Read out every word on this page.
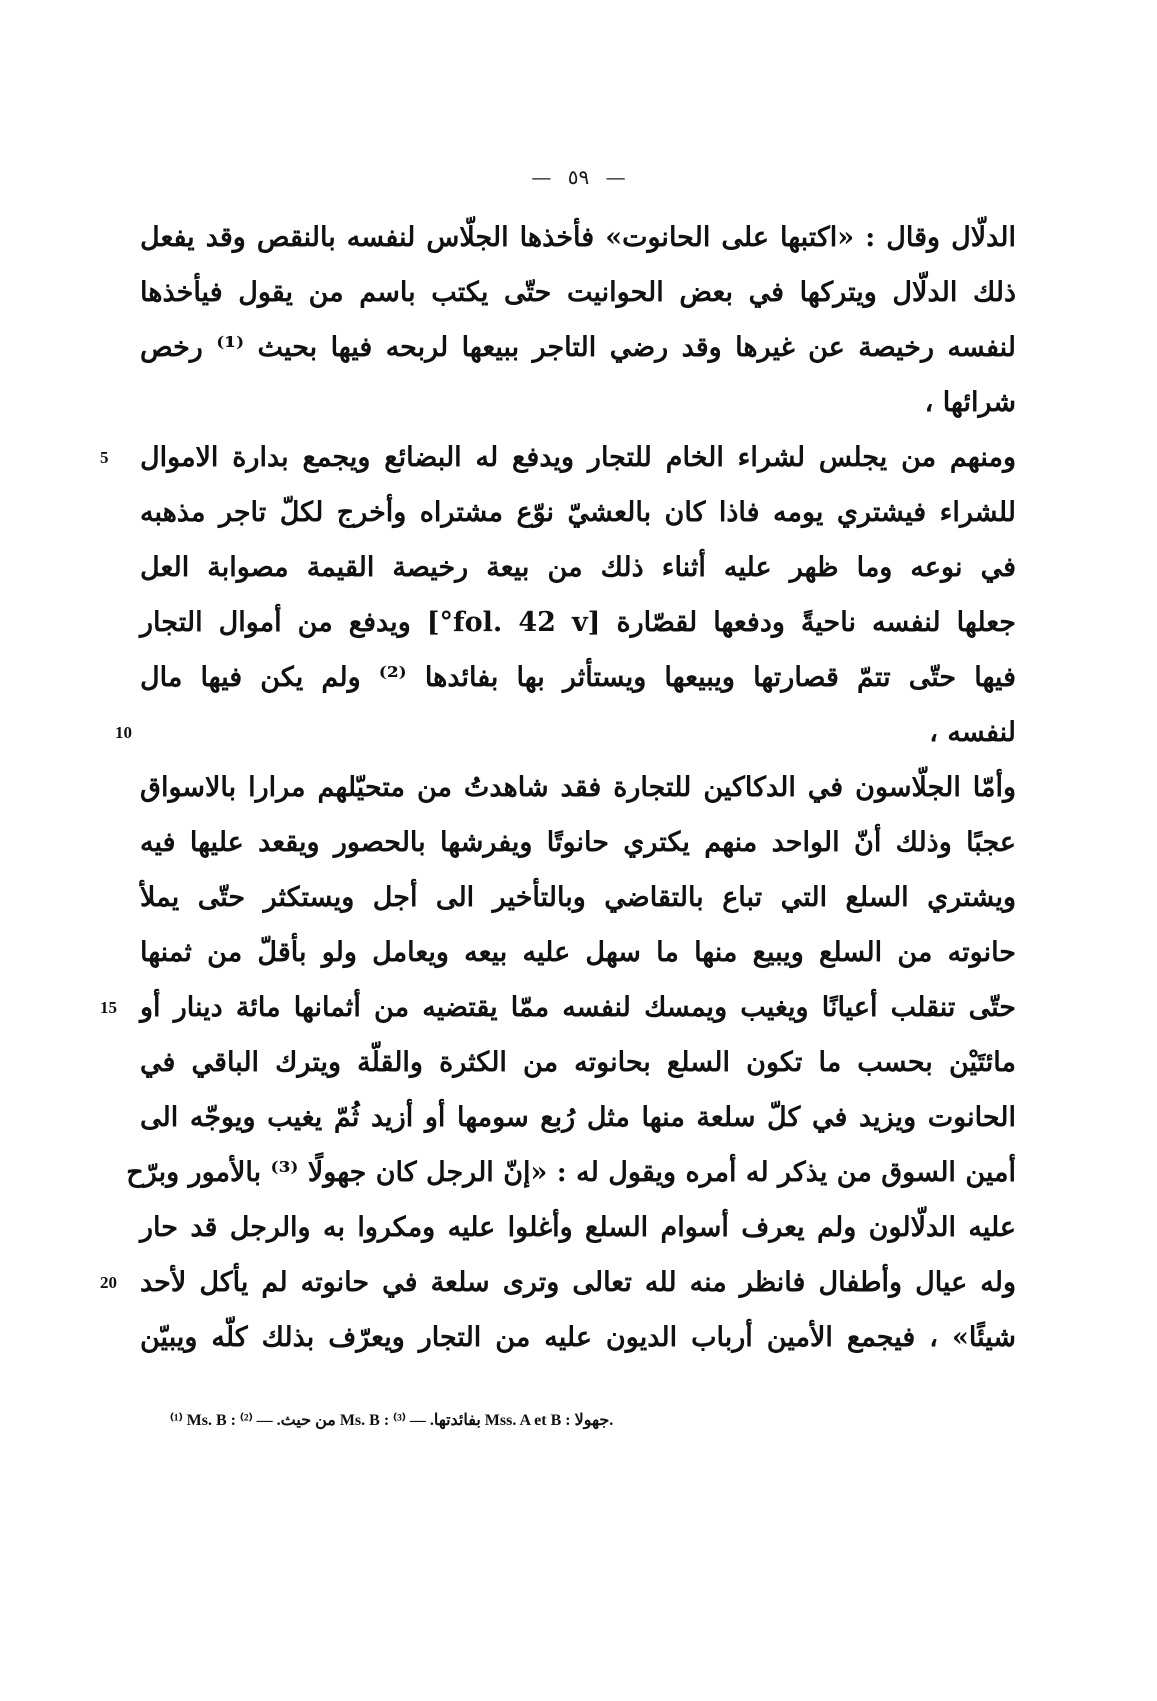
— ٥٩ —
الدلّال وقال : «اكتبها على الحانوت» فأخذها الجلّاس لنفسه بالنقص وقد يفعل
ذلك الدلّال ويتركها في بعض الحوانيت حتّى يكتب باسم من يقول فيأخذها
لنفسه رخيصة عن غيرها وقد رضي التاجر ببيعها لربحه فيها بحيث ⁽¹⁾ رخص
شرائها ،
ومنهم من يجلس لشراء الخام للتجار ويدفع له البضائع ويجمع بدارة الاموال
5
للشراء فيشتري يومه فاذا كان بالعشيّ نوّع مشتراه وأخرج لكلّ تاجر مذهبه
في نوعه وما ظهر عليه أثناء ذلك من بيعة رخيصة القيمة مصوابة العل
جعلها لنفسه ناحيةً ودفعها لقصّارة [fol. 42 v°] ويدفع من أموال التجار
فيها حتّى تتمّ قصارتها ويبيعها ويستأثر بها بفائدها ⁽²⁾ ولم يكن فيها مال
لنفسه ،
10
وأمّا الجلّاسون في الدكاكين للتجارة فقد شاهدتُ من متحيّلهم مرارا بالاسواق
عجبًا وذلك أنّ الواحد منهم يكتري حانوتًا ويفرشها بالحصور ويقعد عليها فيه
ويشتري السلع التي تباع بالتقاضي وبالتأخير الى أجل ويستكثر حتّى يملأ
حانوته من السلع ويبيع منها ما سهل عليه بيعه ويعامل ولو بأقلّ من ثمنها
حتّى تنقلب أعيانًا ويغيب ويمسك لنفسه ممّا يقتضيه من أثمانها مائة دينار أو
15
مائتَيْن بحسب ما تكون السلع بحانوته من الكثرة والقلّة ويترك الباقي في
الحانوت ويزيد في كلّ سلعة منها مثل رُبع سومها أو أزيد ثُمّ يغيب ويوجّه الى
أمين السوق من يذكر له أمره ويقول له : «إنّ الرجل كان جهولًا ⁽³⁾ بالأمور وبرّح
عليه الدلّالون ولم يعرف أسوام السلع وأغلوا عليه ومكروا به والرجل قد حار
وله عيال وأطفال فانظر منه لله تعالى وترى سلعة في حانوته لم يأكل لأحد
20
شيئًا» ، فيجمع الأمين أرباب الديون عليه من التجار ويعرّف بذلك كلّه ويبيّن
⁽¹⁾ Ms. B : من حيث. — ⁽²⁾ Ms. B : بفائدتها. — ⁽³⁾ Mss. A et B : جهولا.
